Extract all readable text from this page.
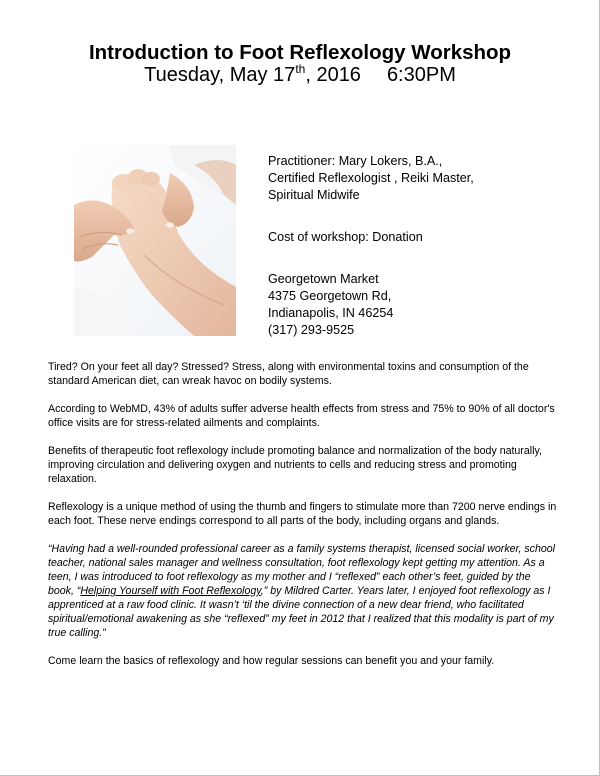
Introduction to Foot Reflexology Workshop
Tuesday, May 17th, 2016 6:30PM
Practitioner: Mary Lokers, B.A.,
Certified Reflexologist , Reiki Master,
Spiritual Midwife
Cost of workshop: Donation
Georgetown Market
4375 Georgetown Rd,
Indianapolis, IN 46254
(317) 293-9525

Tired? On your feet all day? Stressed? Stress, along with environmental toxins and consumption of the standard American diet, can wreak havoc on bodily systems.

According to WebMD, 43% of adults suffer adverse health effects from stress and 75% to 90% of all doctor's office visits are for stress-related ailments and complaints.

Benefits of therapeutic foot reflexology include promoting balance and normalization of the body naturally, improving circulation and delivering oxygen and nutrients to cells and reducing stress and promoting relaxation.

Reflexology is a unique method of using the thumb and fingers to stimulate more than 7200 nerve endings in each foot. These nerve endings correspond to all parts of the body, including organs and glands.

“Having had a well-rounded professional career as a family systems therapist, licensed social worker, school teacher, national sales manager and wellness consultation, foot reflexology kept getting my attention. As a teen, I was introduced to foot reflexology as my mother and I “reflexed” each other’s feet, guided by the book, “Helping Yourself with Foot Reflexology,” by Mildred Carter. Years later, I enjoyed foot reflexology as I apprenticed at a raw food clinic. It wasn’t ‘til the divine connection of a new dear friend, who facilitated spiritual/emotional awakening as she “reflexed” my feet in 2012 that I realized that this modality is part of my true calling.”

Come learn the basics of reflexology and how regular sessions can benefit you and your family.
